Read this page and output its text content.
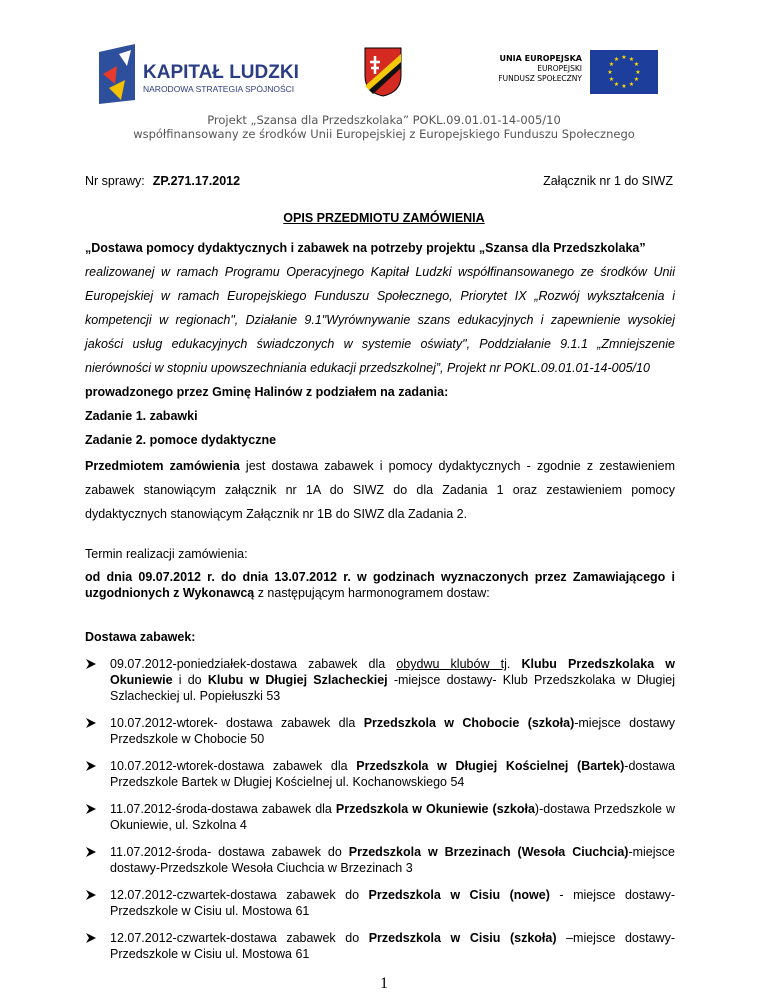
KAPITAŁ LUDZKI
NARODOWA STRATEGIA SPÓJNOŚCI
UNIA EUROPEJSKA
EUROPEJSKI
FUNDUSZ SPOŁECZNY
★ ★
★
★
★
★
★
★
★
★
★
★
Projekt „Szansa dla Przedszkolaka” POKL.09.01.01-14-005/10
współfinansowany ze środków Unii Europejskiej z Europejskiego Funduszu Społecznego
Nr sprawy: ZP.271.17.2012	Załącznik nr 1 do SIWZ
OPIS PRZEDMIOTU ZAMÓWIENIA

„Dostawa pomocy dydaktycznych i zabawek na potrzeby projektu „Szansa dla Przedszkolaka”

realizowanej w ramach Programu Operacyjnego Kapitał Ludzki współfinansowanego ze środków Unii Europejskiej w ramach Europejskiego Funduszu Społecznego, Priorytet IX „Rozwój wykształcenia i kompetencji w regionach", Działanie 9.1"Wyrównywanie szans edukacyjnych i zapewnienie wysokiej jakości usług edukacyjnych świadczonych w systemie oświaty", Poddziałanie 9.1.1 „Zmniejszenie nierówności w stopniu upowszechniania edukacji przedszkolnej”, Projekt nr POKL.09.01.01-14-005/10

prowadzonego przez Gminę Halinów z podziałem na zadania:

Zadanie 1. zabawki

Zadanie 2. pomoce dydaktyczne

Przedmiotem zamówienia jest dostawa zabawek i pomocy dydaktycznych - zgodnie z zestawieniem zabawek stanowiącym załącznik nr 1A do SIWZ do dla Zadania 1 oraz zestawieniem pomocy dydaktycznych stanowiącym Załącznik nr 1B do SIWZ dla Zadania 2.
Termin realizacji zamówienia:
od dnia 09.07.2012 r. do dnia 13.07.2012 r. w godzinach wyznaczonych przez Zamawiającego i uzgodnionych z Wykonawcą z następującym harmonogramem dostaw:
Dostawa zabawek:
09.07.2012-poniedziałek-dostawa zabawek dla obydwu klubów tj. Klubu Przedszkolaka w Okuniewie i do Klubu w Długiej Szlacheckiej -miejsce dostawy- Klub Przedszkolaka w Długiej Szlacheckiej ul. Popiełuszki 53
10.07.2012-wtorek- dostawa zabawek dla Przedszkola w Chobocie (szkoła)-miejsce dostawy Przedszkole w Chobocie 50
10.07.2012-wtorek-dostawa zabawek dla Przedszkola w Długiej Kościelnej (Bartek)-dostawa Przedszkole Bartek w Długiej Kościelnej ul. Kochanowskiego 54
11.07.2012-środa-dostawa zabawek dla Przedszkola w Okuniewie (szkoła)-dostawa Przedszkole w Okuniewie, ul. Szkolna 4
11.07.2012-środa- dostawa zabawek do Przedszkola w Brzezinach (Wesoła Ciuchcia)-miejsce dostawy-Przedszkole Wesoła Ciuchcia w Brzezinach 3
12.07.2012-czwartek-dostawa zabawek do Przedszkola w Cisiu (nowe) - miejsce dostawy- Przedszkole w Cisiu ul. Mostowa 61
12.07.2012-czwartek-dostawa zabawek do Przedszkola w Cisiu (szkoła) –miejsce dostawy- Przedszkole w Cisiu ul. Mostowa 61
1
